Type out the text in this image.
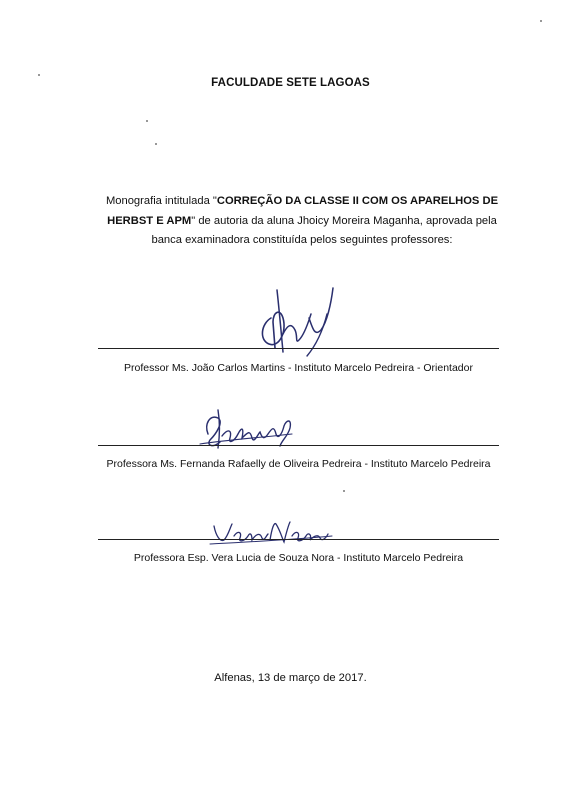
FACULDADE SETE LAGOAS
Monografia intitulada "CORREÇÃO DA CLASSE II COM OS APARELHOS DE HERBST E APM" de autoria da aluna Jhoicy Moreira Maganha, aprovada pela banca examinadora constituída pelos seguintes professores:
Professor Ms. João Carlos Martins - Instituto Marcelo Pedreira - Orientador
Professora Ms. Fernanda Rafaelly de Oliveira Pedreira - Instituto Marcelo Pedreira
Professora Esp. Vera Lucia de Souza Nora - Instituto Marcelo Pedreira
Alfenas, 13 de março de 2017.
